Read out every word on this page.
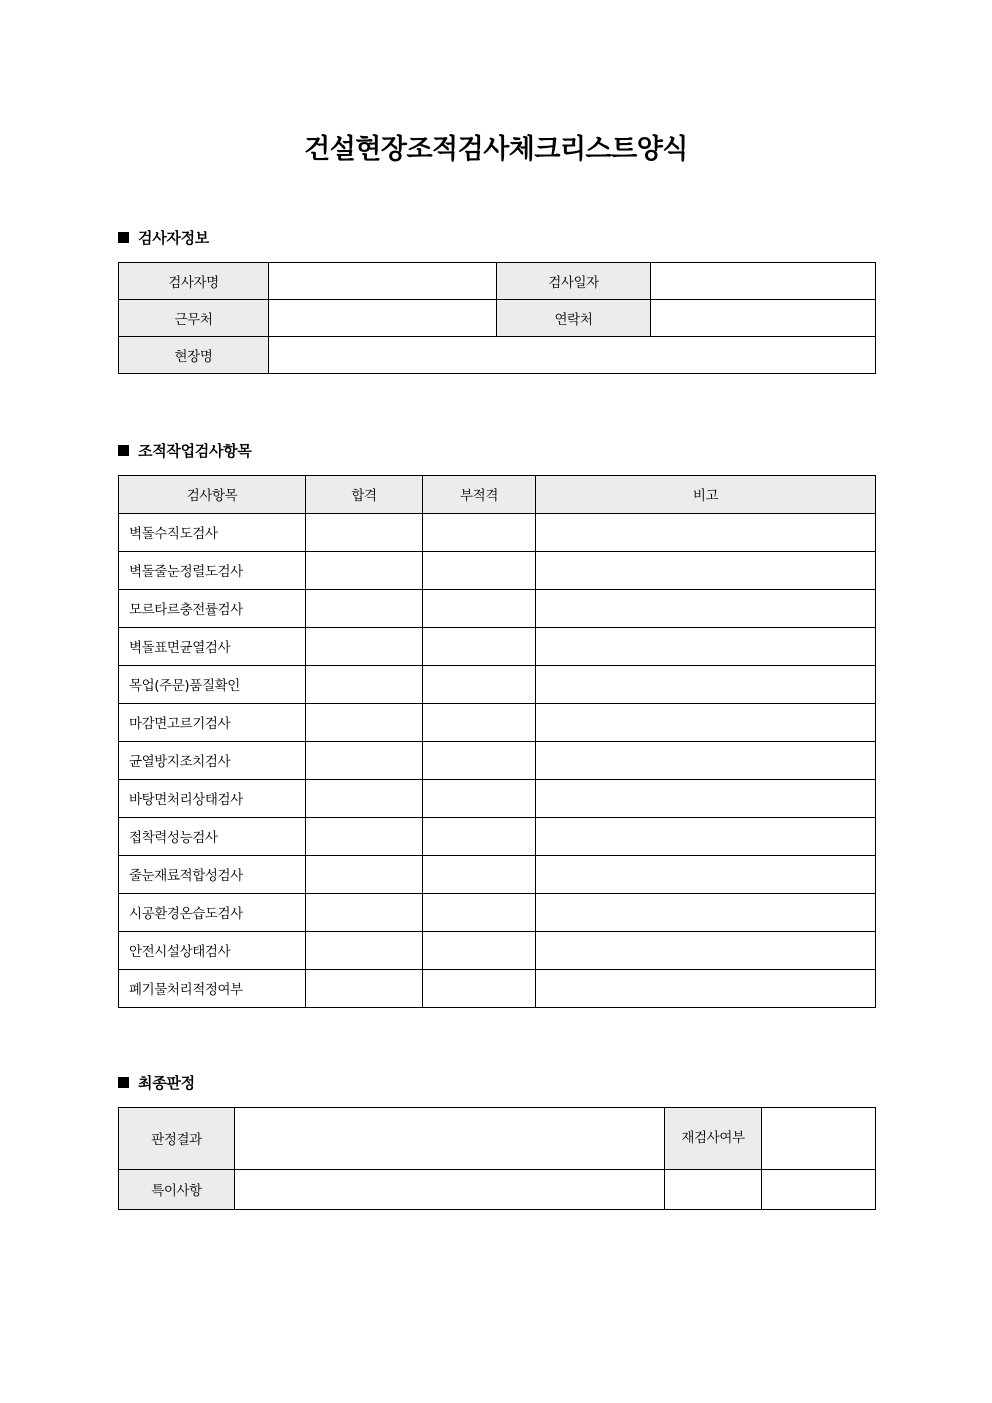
건설현장조적검사체크리스트양식
검사자정보
검사자명		검사일자	
근무처		연락처	
현장명			
조적작업검사항목
검사항목	합격	부적격	비고
벽돌수직도검사			
벽돌줄눈정렬도검사			
모르타르충전률검사			
벽돌표면균열검사			
목업(주문)품질확인			
마감면고르기검사			
균열방지조치검사			
바탕면처리상태검사			
접착력성능검사			
줄눈재료적합성검사			
시공환경온습도검사			
안전시설상태검사			
폐기물처리적정여부			
최종판정
판정결과		재검사여부	
특이사항			
